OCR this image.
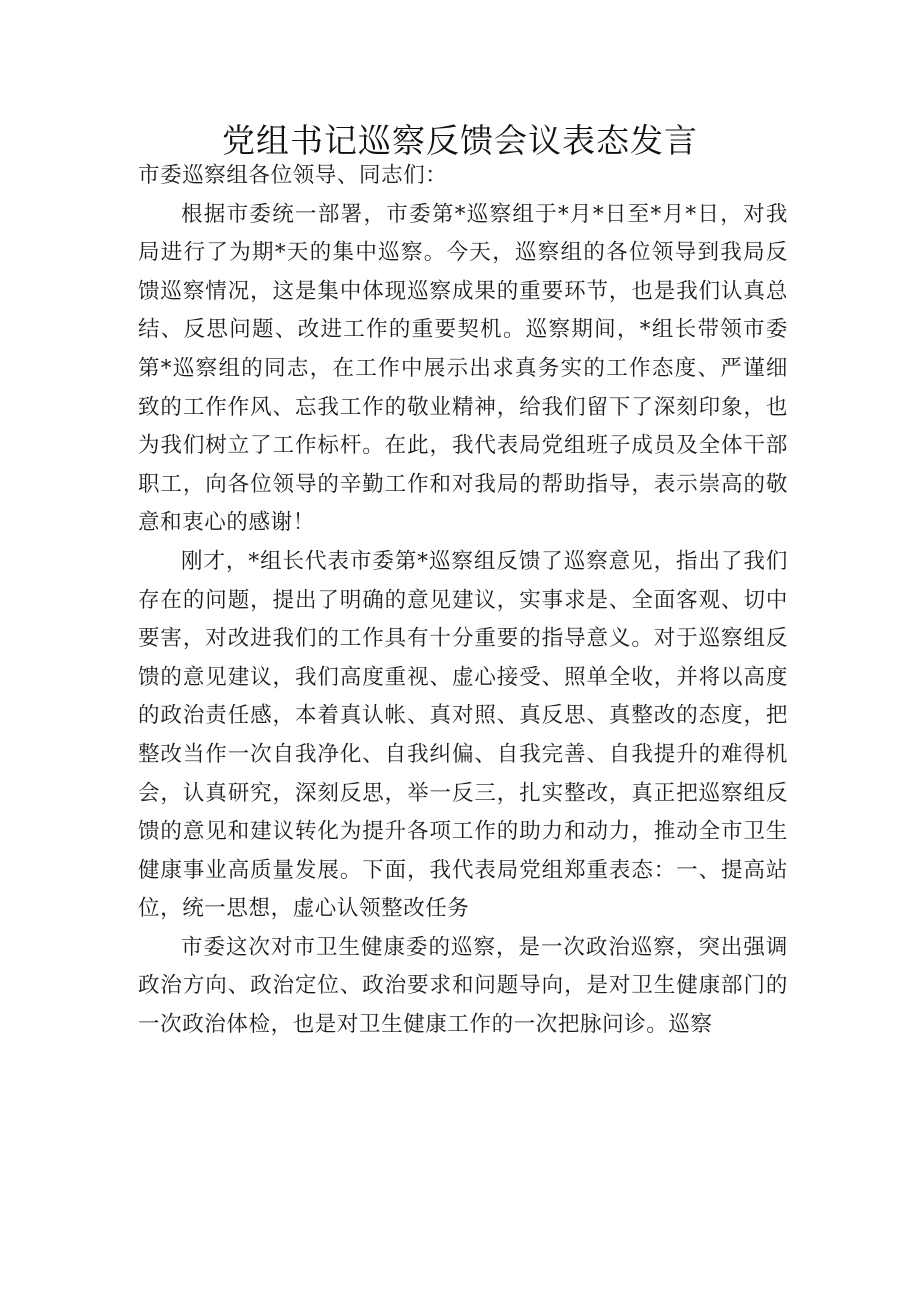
党组书记巡察反馈会议表态发言

市委巡察组各位领导、同志们：

根据市委统一部署，市委第*巡察组于*月*日至*月*日，对我局进行了为期*天的集中巡察。今天，巡察组的各位领导到我局反馈巡察情况，这是集中体现巡察成果的重要环节，也是我们认真总结、反思问题、改进工作的重要契机。巡察期间，*组长带领市委第*巡察组的同志，在工作中展示出求真务实的工作态度、严谨细致的工作作风、忘我工作的敬业精神，给我们留下了深刻印象，也为我们树立了工作标杆。在此，我代表局党组班子成员及全体干部职工，向各位领导的辛勤工作和对我局的帮助指导，表示崇高的敬意和衷心的感谢！

刚才，*组长代表市委第*巡察组反馈了巡察意见，指出了我们存在的问题，提出了明确的意见建议，实事求是、全面客观、切中要害，对改进我们的工作具有十分重要的指导意义。对于巡察组反馈的意见建议，我们高度重视、虚心接受、照单全收，并将以高度的政治责任感，本着真认帐、真对照、真反思、真整改的态度，把整改当作一次自我净化、自我纠偏、自我完善、自我提升的难得机会，认真研究，深刻反思，举一反三，扎实整改，真正把巡察组反馈的意见和建议转化为提升各项工作的助力和动力，推动全市卫生健康事业高质量发展。下面，我代表局党组郑重表态：一、提高站位，统一思想，虚心认领整改任务

市委这次对市卫生健康委的巡察，是一次政治巡察，突出强调政治方向、政治定位、政治要求和问题导向，是对卫生健康部门的一次政治体检，也是对卫生健康工作的一次把脉问诊。巡察
